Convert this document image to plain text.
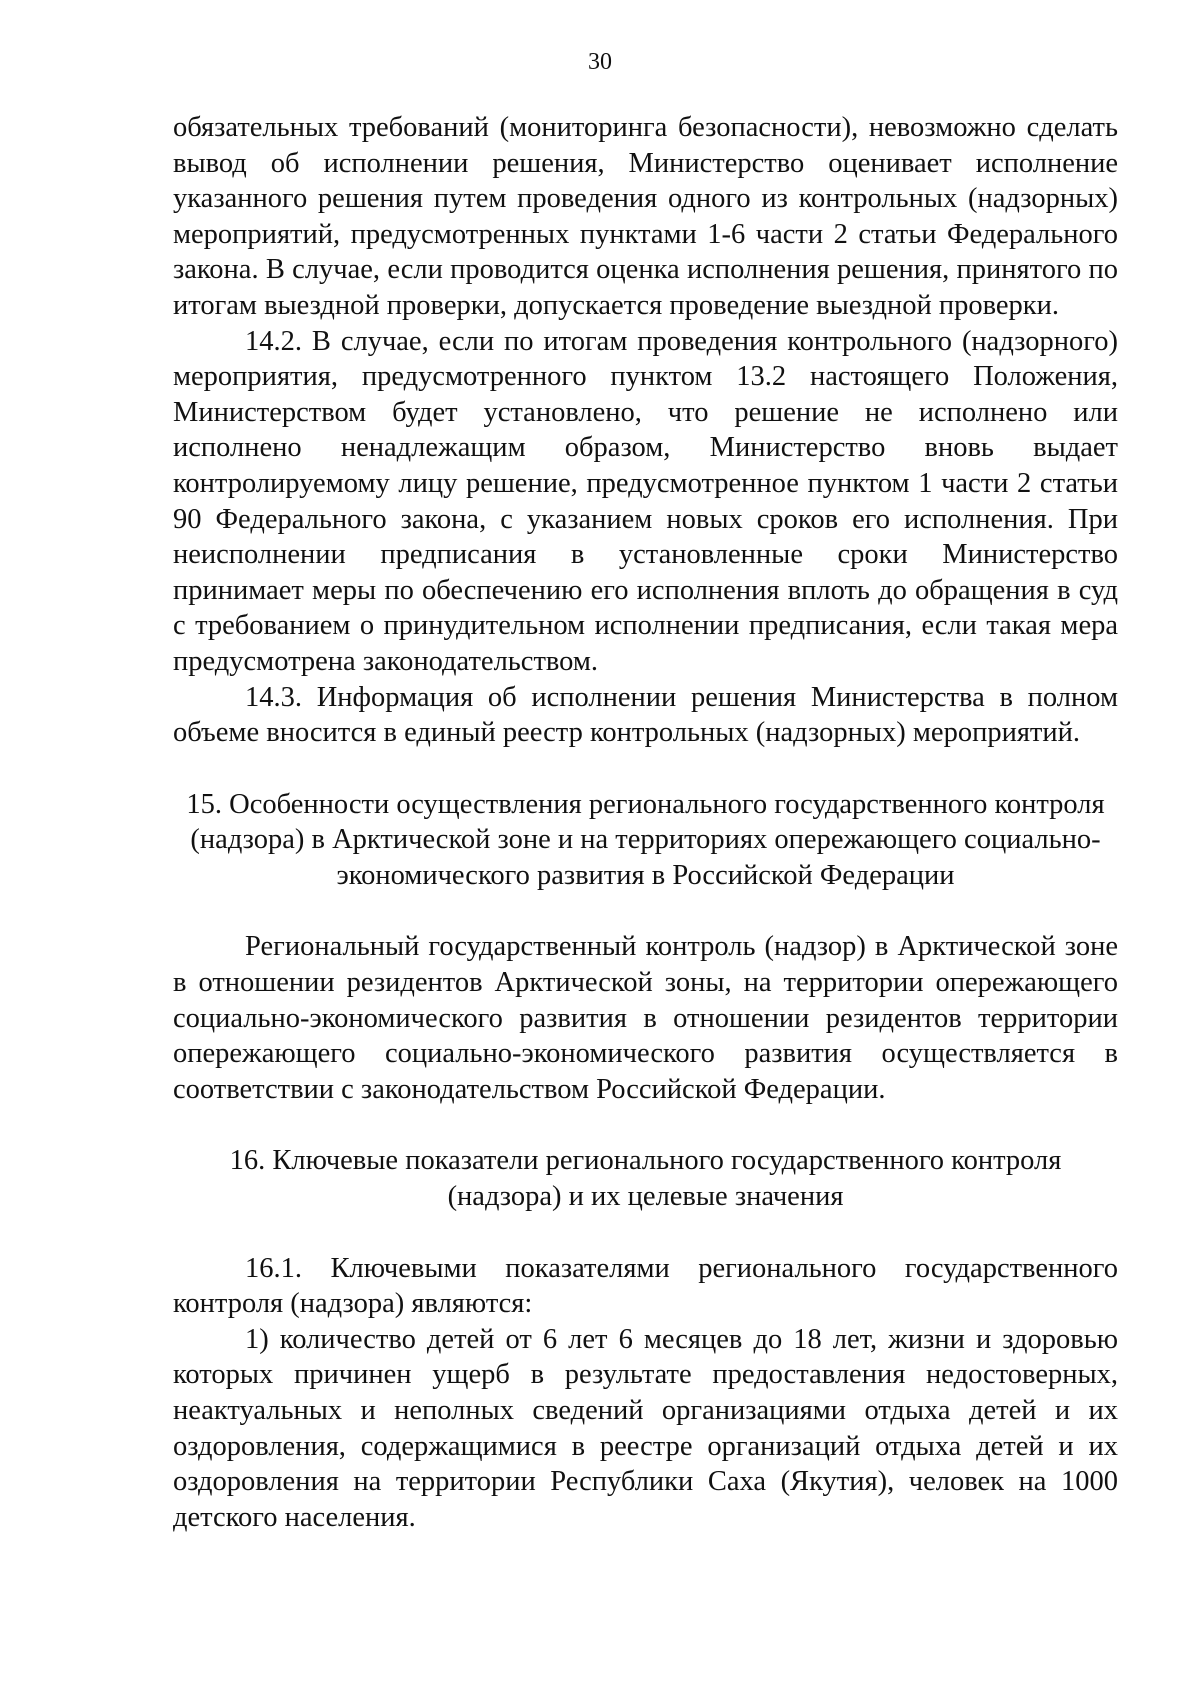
30

обязательных требований (мониторинга безопасности), невозможно сделать вывод об исполнении решения, Министерство оценивает исполнение указанного решения путем проведения одного из контрольных (надзорных) мероприятий, предусмотренных пунктами 1-6 части 2 статьи Федерального закона. В случае, если проводится оценка исполнения решения, принятого по итогам выездной проверки, допускается проведение выездной проверки.

14.2. В случае, если по итогам проведения контрольного (надзорного) мероприятия, предусмотренного пунктом 13.2 настоящего Положения, Министерством будет установлено, что решение не исполнено или исполнено ненадлежащим образом, Министерство вновь выдает контролируемому лицу решение, предусмотренное пунктом 1 части 2 статьи 90 Федерального закона, с указанием новых сроков его исполнения. При неисполнении предписания в установленные сроки Министерство принимает меры по обеспечению его исполнения вплоть до обращения в суд с требованием о принудительном исполнении предписания, если такая мера предусмотрена законодательством.

14.3. Информация об исполнении решения Министерства в полном объеме вносится в единый реестр контрольных (надзорных) мероприятий.

15. Особенности осуществления регионального государственного контроля
(надзора) в Арктической зоне и на территориях опережающего социально-
экономического развития в Российской Федерации

Региональный государственный контроль (надзор) в Арктической зоне в отношении резидентов Арктической зоны, на территории опережающего социально-экономического развития в отношении резидентов территории опережающего социально-экономического развития осуществляется в соответствии с законодательством Российской Федерации.

16. Ключевые показатели регионального государственного контроля
(надзора) и их целевые значения

16.1. Ключевыми показателями регионального государственного контроля (надзора) являются:

1) количество детей от 6 лет 6 месяцев до 18 лет, жизни и здоровью которых причинен ущерб в результате предоставления недостоверных, неактуальных и неполных сведений организациями отдыха детей и их оздоровления, содержащимися в реестре организаций отдыха детей и их оздоровления на территории Республики Саха (Якутия), человек на 1000 детского населения.
